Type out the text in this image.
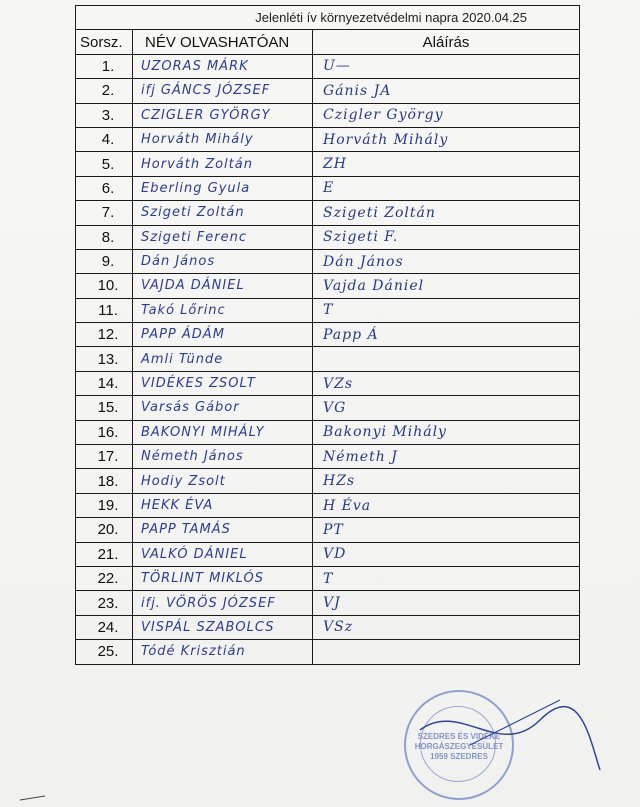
Jelenléti ív környezetvédelmi napra 2020.04.25		
Sorsz.	NÉV OLVASHATÓAN	Aláírás
1.	UZORAS MÁRK	U—
2.	ifj GÁNCS JÓZSEF	Gánis JA
3.	CZIGLER GYÖRGY	Czigler György
4.	Horváth Mihály	Horváth Mihály
5.	Horváth Zoltán	ZH
6.	Eberling Gyula	E
7.	Szigeti Zoltán	Szigeti Zoltán
8.	Szigeti Ferenc	Szigeti F.
9.	Dán János	Dán János
10.	VAJDA DÁNIEL	Vajda Dániel
11.	Takó Lőrinc	T
12.	PAPP ÁDÁM	Papp Á
13.	Amli Tünde	
14.	VIDÉKES ZSOLT	VZs
15.	Varsás Gábor	VG
16.	BAKONYI MIHÁLY	Bakonyi Mihály
17.	Németh János	Németh J
18.	Hodiy Zsolt	HZs
19.	HEKK ÉVA	H Éva
20.	PAPP TAMÁS	PT
21.	VALKÓ DÁNIEL	VD
22.	TÖRLINT MIKLÓS	T
23.	ifj. VÖRÖS JÓZSEF	VJ
24.	VISPÁL SZABOLCS	VSz
25.	Tódé Krisztián	
SZEDRES ÉS VIDÉKE HORGÁSZEGYESÜLET 1959 SZEDRES
